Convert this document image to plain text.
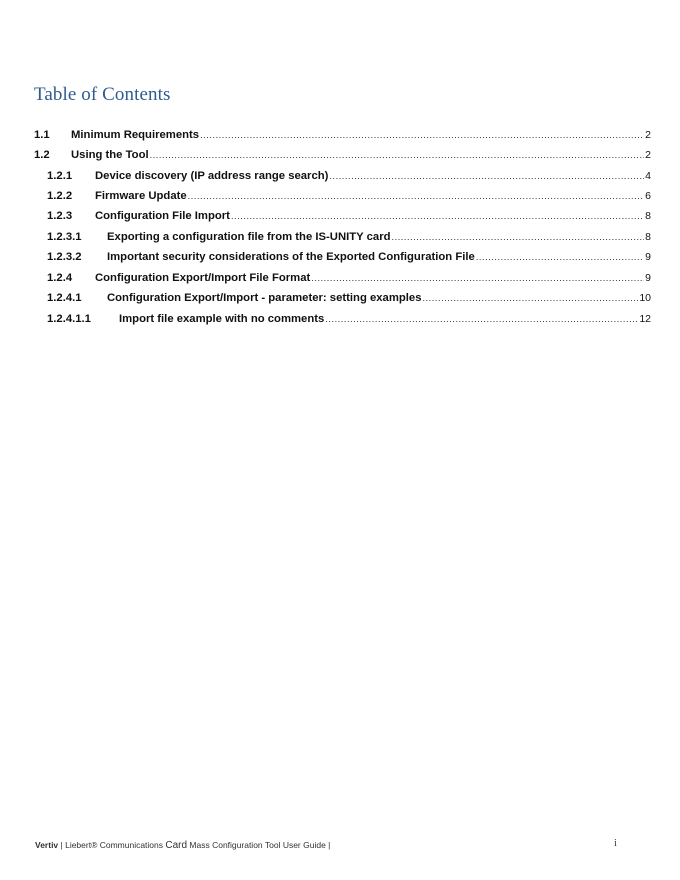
Table of Contents
1.1	Minimum Requirements .....	2
1.2	Using the Tool .....	2
1.2.1	Device discovery (IP address range search) .....	4
1.2.2	Firmware Update .....	6
1.2.3	Configuration File Import .....	8
1.2.3.1	Exporting a configuration file from the IS-UNITY card .....	8
1.2.3.2	Important security considerations of the Exported Configuration File .....	9
1.2.4	Configuration Export/Import File Format .....	9
1.2.4.1	Configuration Export/Import - parameter: setting examples .....	10
1.2.4.1.1	Import file example with no comments .....	12
Vertiv | Liebert® Communications Card Mass Configuration Tool User Guide |	i
